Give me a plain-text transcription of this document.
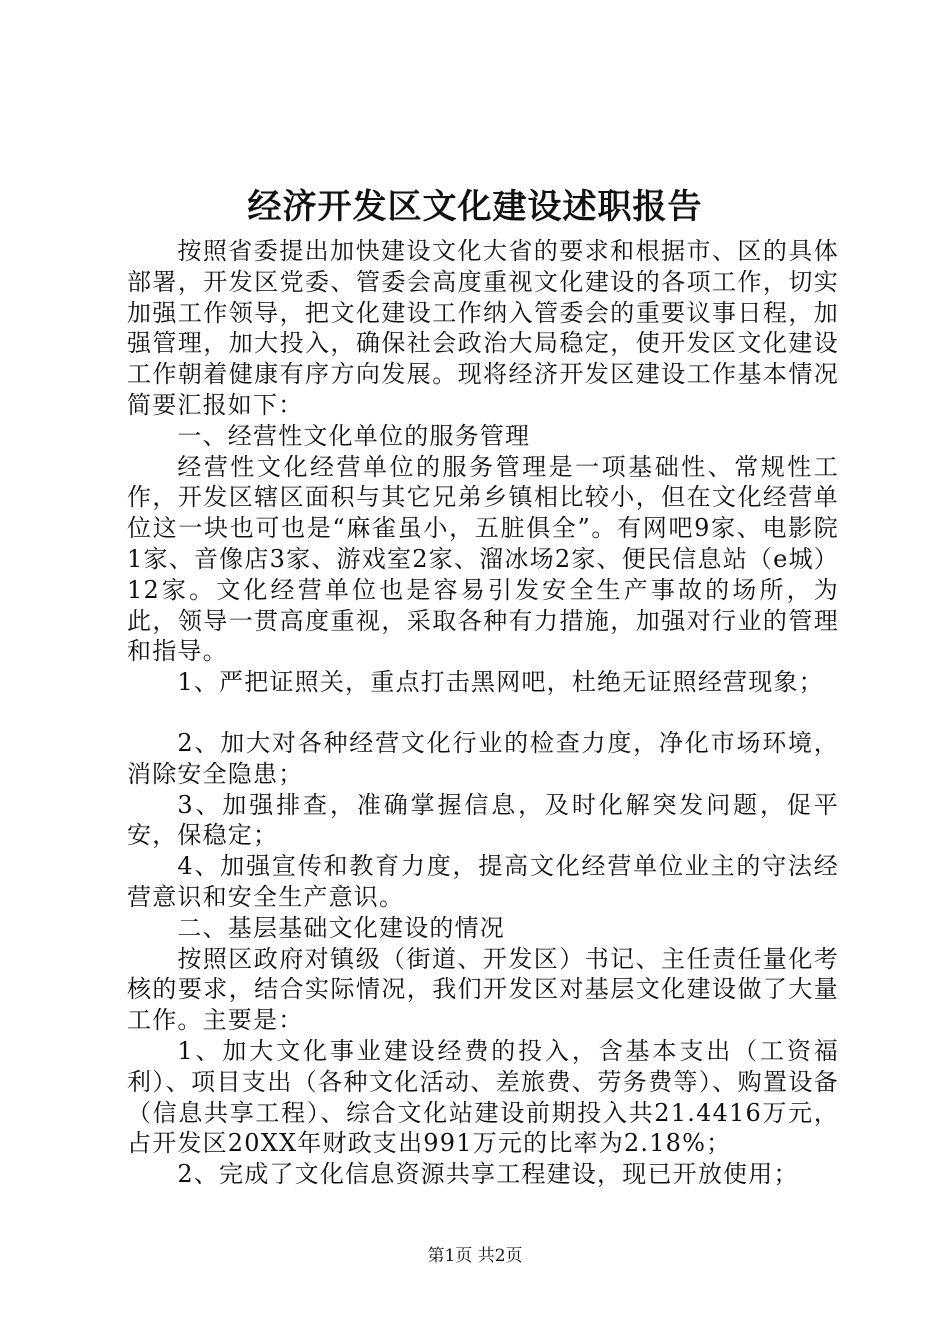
经济开发区文化建设述职报告

按照省委提出加快建设文化大省的要求和根据市、区的具体部署，开发区党委、管委会高度重视文化建设的各项工作，切实加强工作领导，把文化建设工作纳入管委会的重要议事日程，加强管理，加大投入，确保社会政治大局稳定，使开发区文化建设工作朝着健康有序方向发展。现将经济开发区建设工作基本情况简要汇报如下：

一、经营性文化单位的服务管理

经营性文化经营单位的服务管理是一项基础性、常规性工作，开发区辖区面积与其它兄弟乡镇相比较小，但在文化经营单位这一块也可也是“麻雀虽小，五脏俱全”。有网吧9家、电影院1家、音像店3家、游戏室2家、溜冰场2家、便民信息站（e城）12家。文化经营单位也是容易引发安全生产事故的场所，为此，领导一贯高度重视，采取各种有力措施，加强对行业的管理和指导。

1、严把证照关，重点打击黑网吧，杜绝无证照经营现象；

2、加大对各种经营文化行业的检查力度，净化市场环境，消除安全隐患；

3、加强排查，准确掌握信息，及时化解突发问题，促平安，保稳定；

4、加强宣传和教育力度，提高文化经营单位业主的守法经营意识和安全生产意识。

二、基层基础文化建设的情况

按照区政府对镇级（街道、开发区）书记、主任责任量化考核的要求，结合实际情况，我们开发区对基层文化建设做了大量工作。主要是：

1、加大文化事业建设经费的投入，含基本支出（工资福利）、项目支出（各种文化活动、差旅费、劳务费等）、购置设备（信息共享工程）、综合文化站建设前期投入共21.4416万元，占开发区20XX年财政支出991万元的比率为2.18%；

2、完成了文化信息资源共享工程建设，现已开放使用；

第1页 共2页
